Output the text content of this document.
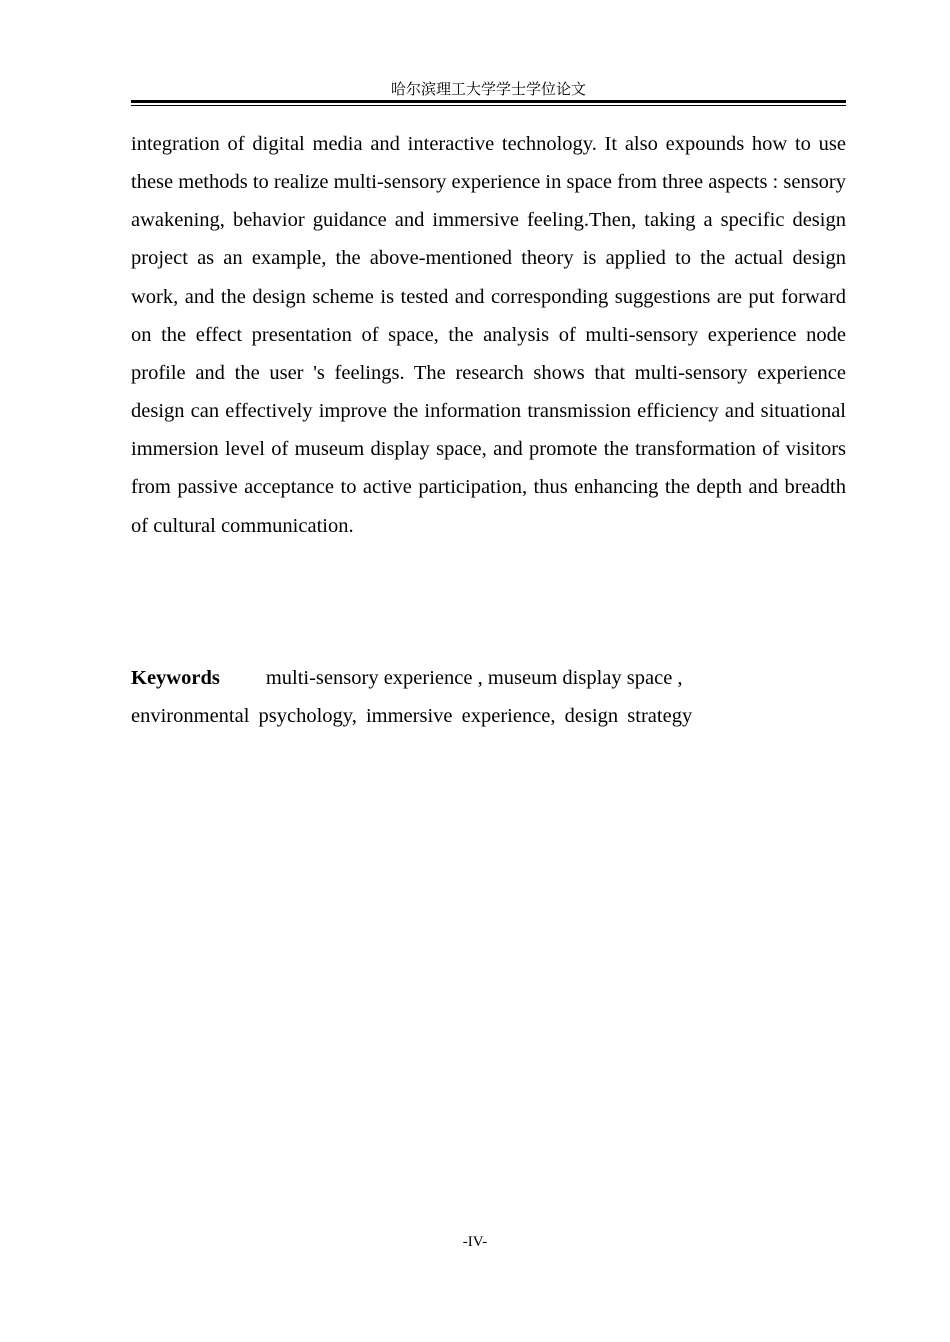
哈尔滨理工大学学士学位论文

integration of digital media and interactive technology. It also expounds how to use these methods to realize multi-sensory experience in space from three aspects : sensory awakening, behavior guidance and immersive feeling.Then, taking a specific design project as an example, the above-mentioned theory is applied to the actual design work, and the design scheme is tested and corresponding suggestions are put forward on the effect presentation of space, the analysis of multi-sensory experience node profile and the user 's feelings. The research shows that multi-sensory experience design can effectively improve the information transmission efficiency and situational immersion level of museum display space, and promote the transformation of visitors from passive acceptance to active participation, thus enhancing the depth and breadth of cultural communication.

Keywords multi-sensory experience , museum display space ,
environmental psychology, immersive experience, design strategy

-IV-
